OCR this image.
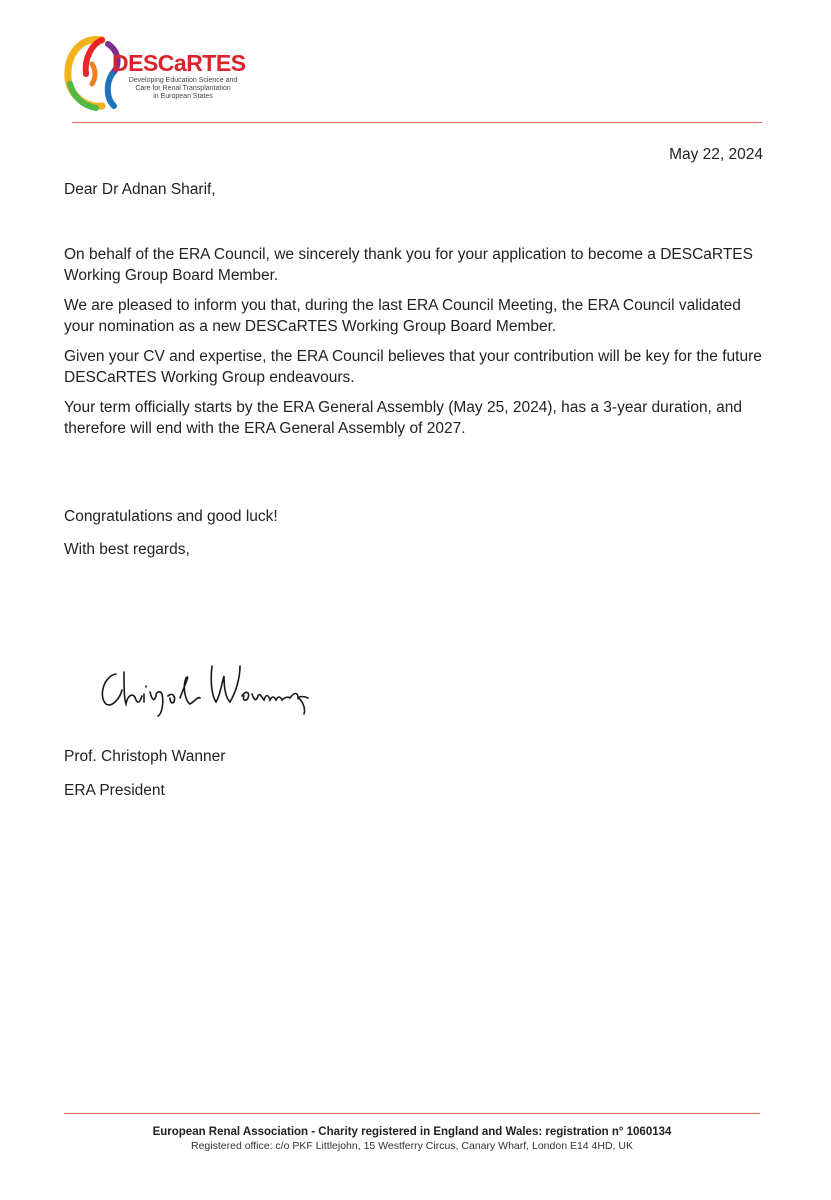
DESCaRTES
Developing Education Science and
Care for Renal Transplantation
in European States
May 22, 2024
Dear Dr Adnan Sharif,

On behalf of the ERA Council, we sincerely thank you for your application to become a DESCaRTES Working Group Board Member.

We are pleased to inform you that, during the last ERA Council Meeting, the ERA Council validated your nomination as a new DESCaRTES Working Group Board Member.

Given your CV and expertise, the ERA Council believes that your contribution will be key for the future DESCaRTES Working Group endeavours.

Your term officially starts by the ERA General Assembly (May 25, 2024), has a 3-year duration, and therefore will end with the ERA General Assembly of 2027.

Congratulations and good luck!

With best regards,

Prof. Christoph Wanner

ERA President

European Renal Association - Charity registered in England and Wales: registration n° 1060134
Registered office: c/o PKF Littlejohn, 15 Westferry Circus, Canary Wharf, London E14 4HD, UK
